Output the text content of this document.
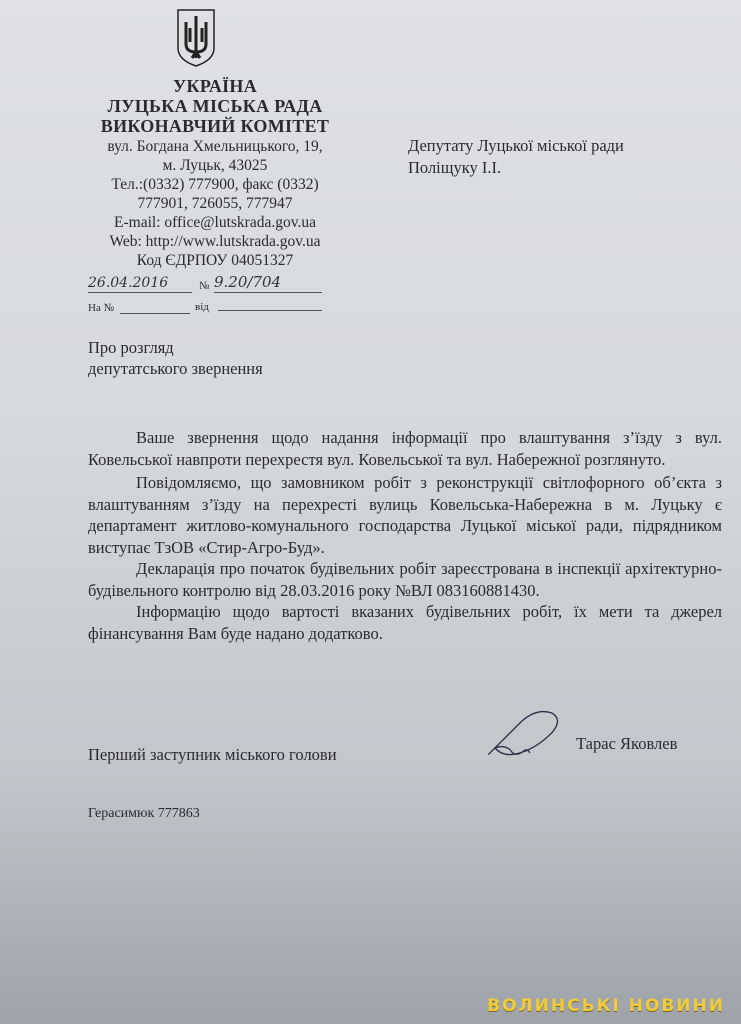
УКРАЇНА
ЛУЦЬКА МІСЬКА РАДА
ВИКОНАВЧИЙ КОМІТЕТ
вул. Богдана Хмельницького, 19,
м. Луцьк, 43025
Тел.:(0332) 777900, факс (0332)
777901, 726055, 777947
E-mail: office@lutskrada.gov.ua
Web: http://www.lutskrada.gov.ua
Код ЄДРПОУ 04051327
26.04.2016	№ 9.20/704
На №	від
Депутату Луцької міської ради
Поліщуку І.І.
Про розгляд
депутатського звернення

Ваше звернення щодо надання інформації про влаштування з’їзду з вул. Ковельської навпроти перехрестя вул. Ковельської та вул. Набережної розглянуто.

Повідомляємо, що замовником робіт з реконструкції світлофорного об’єкта з влаштуванням з’їзду на перехресті вулиць Ковельська-Набережна в м. Луцьку є департамент житлово-комунального господарства Луцької міської ради, підрядником виступає ТзОВ «Стир-Агро-Буд».

Декларація про початок будівельних робіт зареєстрована в інспекції архітектурно-будівельного контролю від 28.03.2016 року №ВЛ 083160881430.

Інформацію щодо вартості вказаних будівельних робіт, їх мети та джерел фінансування Вам буде надано додатково.

Перший заступник міського голови
Тарас Яковлев
Герасимюк 777863
ВОЛИНСЬКІ НОВИНИ
